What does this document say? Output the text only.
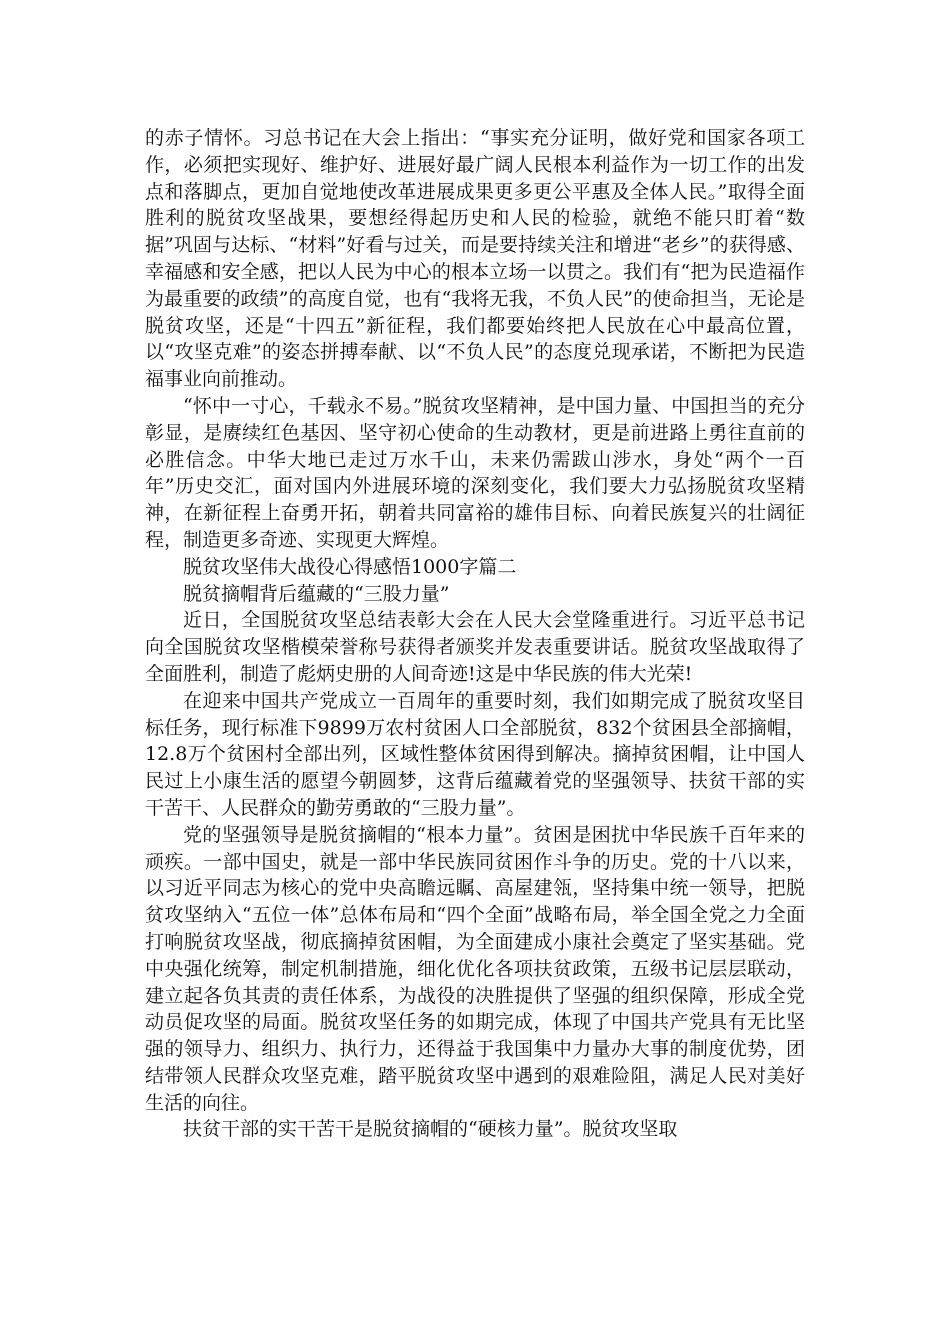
的赤子情怀。习总书记在大会上指出：“事实充分证明，做好党和国家各项工作，必须把实现好、维护好、进展好最广阔人民根本利益作为一切工作的出发点和落脚点，更加自觉地使改革进展成果更多更公平惠及全体人民。”取得全面胜利的脱贫攻坚战果，要想经得起历史和人民的检验，就绝不能只盯着“数据”巩固与达标、“材料”好看与过关，而是要持续关注和增进“老乡”的获得感、幸福感和安全感，把以人民为中心的根本立场一以贯之。我们有“把为民造福作为最重要的政绩”的高度自觉，也有“我将无我，不负人民”的使命担当，无论是脱贫攻坚，还是“十四五”新征程，我们都要始终把人民放在心中最高位置，以“攻坚克难”的姿态拼搏奉献、以“不负人民”的态度兑现承诺，不断把为民造福事业向前推动。

“怀中一寸心，千载永不易。”脱贫攻坚精神，是中国力量、中国担当的充分彰显，是赓续红色基因、坚守初心使命的生动教材，更是前进路上勇往直前的必胜信念。中华大地已走过万水千山，未来仍需跋山涉水，身处“两个一百年”历史交汇，面对国内外进展环境的深刻变化，我们要大力弘扬脱贫攻坚精神，在新征程上奋勇开拓，朝着共同富裕的雄伟目标、向着民族复兴的壮阔征程，制造更多奇迹、实现更大辉煌。

脱贫攻坚伟大战役心得感悟1000字篇二

脱贫摘帽背后蕴藏的“三股力量”

近日，全国脱贫攻坚总结表彰大会在人民大会堂隆重进行。习近平总书记向全国脱贫攻坚楷模荣誉称号获得者颁奖并发表重要讲话。脱贫攻坚战取得了全面胜利，制造了彪炳史册的人间奇迹!这是中华民族的伟大光荣!

在迎来中国共产党成立一百周年的重要时刻，我们如期完成了脱贫攻坚目标任务，现行标准下9899万农村贫困人口全部脱贫，832个贫困县全部摘帽，12.8万个贫困村全部出列，区域性整体贫困得到解决。摘掉贫困帽，让中国人民过上小康生活的愿望今朝圆梦，这背后蕴藏着党的坚强领导、扶贫干部的实干苦干、人民群众的勤劳勇敢的“三股力量”。

党的坚强领导是脱贫摘帽的“根本力量”。贫困是困扰中华民族千百年来的顽疾。一部中国史，就是一部中华民族同贫困作斗争的历史。党的十八以来，以习近平同志为核心的党中央高瞻远瞩、高屋建瓴，坚持集中统一领导，把脱贫攻坚纳入“五位一体”总体布局和“四个全面”战略布局，举全国全党之力全面打响脱贫攻坚战，彻底摘掉贫困帽，为全面建成小康社会奠定了坚实基础。党中央强化统筹，制定机制措施，细化优化各项扶贫政策，五级书记层层联动，建立起各负其责的责任体系，为战役的决胜提供了坚强的组织保障，形成全党动员促攻坚的局面。脱贫攻坚任务的如期完成，体现了中国共产党具有无比坚强的领导力、组织力、执行力，还得益于我国集中力量办大事的制度优势，团结带领人民群众攻坚克难，踏平脱贫攻坚中遇到的艰难险阻，满足人民对美好生活的向往。

扶贫干部的实干苦干是脱贫摘帽的“硬核力量”。脱贫攻坚取
